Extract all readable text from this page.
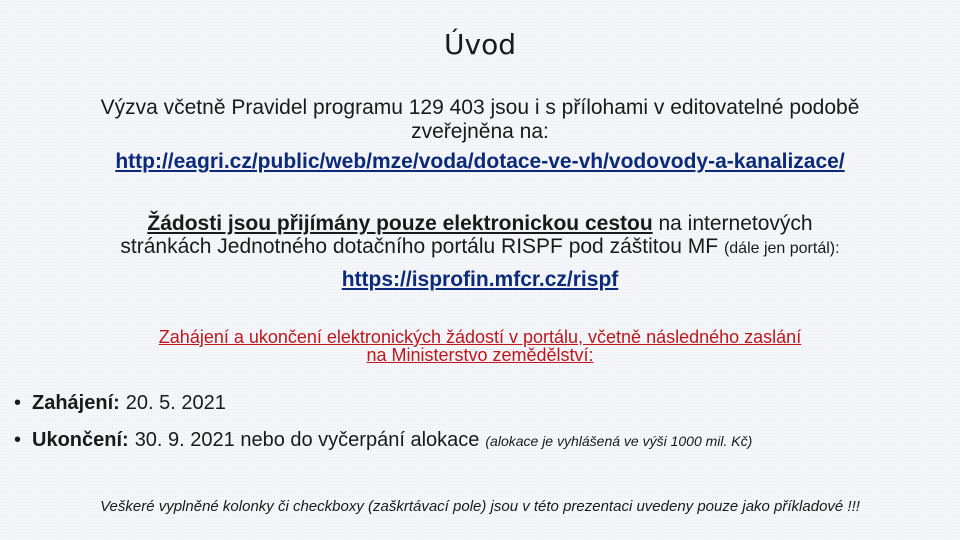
Úvod
Výzva včetně Pravidel programu 129 403 jsou i s přílohami v editovatelné podobě
zveřejněna na:
http://eagri.cz/public/web/mze/voda/dotace-ve-vh/vodovody-a-kanalizace/
Žádosti jsou přijímány pouze elektronickou cestou na internetových
stránkách Jednotného dotačního portálu RISPF pod záštitou MF (dále jen portál):
https://isprofin.mfcr.cz/rispf
Zahájení a ukončení elektronických žádostí v portálu, včetně následného zaslání
na Ministerstvo zemědělství:
• Zahájení: 20. 5. 2021
• Ukončení: 30. 9. 2021 nebo do vyčerpání alokace (alokace je vyhlášená ve výši 1000 mil. Kč)
Veškeré vyplněné kolonky či checkboxy (zaškrtávací pole) jsou v této prezentaci uvedeny pouze jako příkladové !!!
